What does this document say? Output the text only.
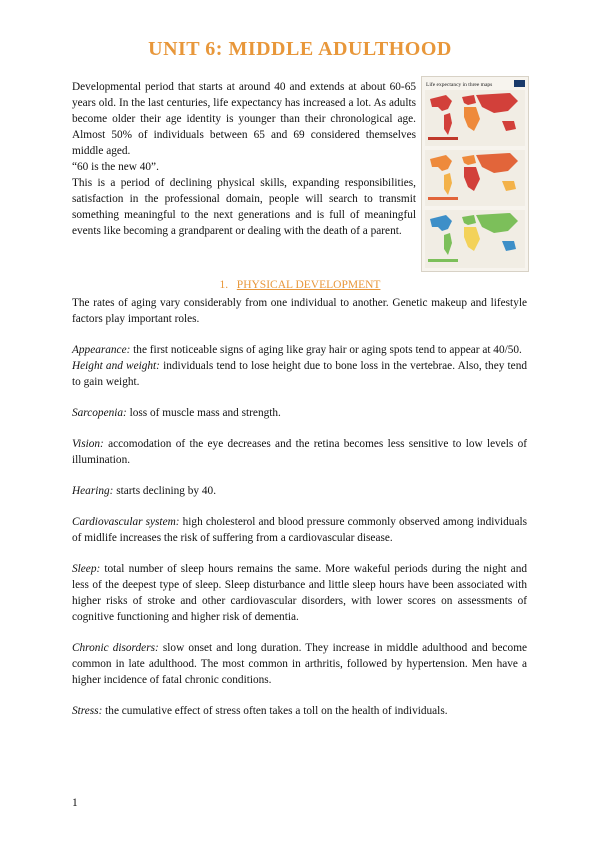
UNIT 6: MIDDLE ADULTHOOD

Developmental period that starts at around 40 and extends at about 60-65 years old. In the last centuries, life expectancy has increased a lot. As adults become older their age identity is younger than their chronological age. Almost 50% of individuals between 65 and 69 considered themselves middle aged.

“60 is the new 40”.

This is a period of declining physical skills, expanding responsibilities, satisfaction in the professional domain, people will search to transmit something meaningful to the next generations and is full of meaningful events like becoming a grandparent or dealing with the death of a parent.

Life expectancy in three maps
1. PHYSICAL DEVELOPMENT

The rates of aging vary considerably from one individual to another. Genetic makeup and lifestyle factors play important roles.

Appearance: the first noticeable signs of aging like gray hair or aging spots tend to appear at 40/50.

Height and weight: individuals tend to lose height due to bone loss in the vertebrae. Also, they tend to gain weight.

Sarcopenia: loss of muscle mass and strength.

Vision: accomodation of the eye decreases and the retina becomes less sensitive to low levels of illumination.

Hearing: starts declining by 40.

Cardiovascular system: high cholesterol and blood pressure commonly observed among individuals of midlife increases the risk of suffering from a cardiovascular disease.

Sleep: total number of sleep hours remains the same. More wakeful periods during the night and less of the deepest type of sleep. Sleep disturbance and little sleep hours have been associated with higher risks of stroke and other cardiovascular disorders, with lower scores on assessments of cognitive functioning and higher risk of dementia.

Chronic disorders: slow onset and long duration. They increase in middle adulthood and become common in late adulthood. The most common in arthritis, followed by hypertension. Men have a higher incidence of fatal chronic conditions.

Stress: the cumulative effect of stress often takes a toll on the health of individuals.

1
